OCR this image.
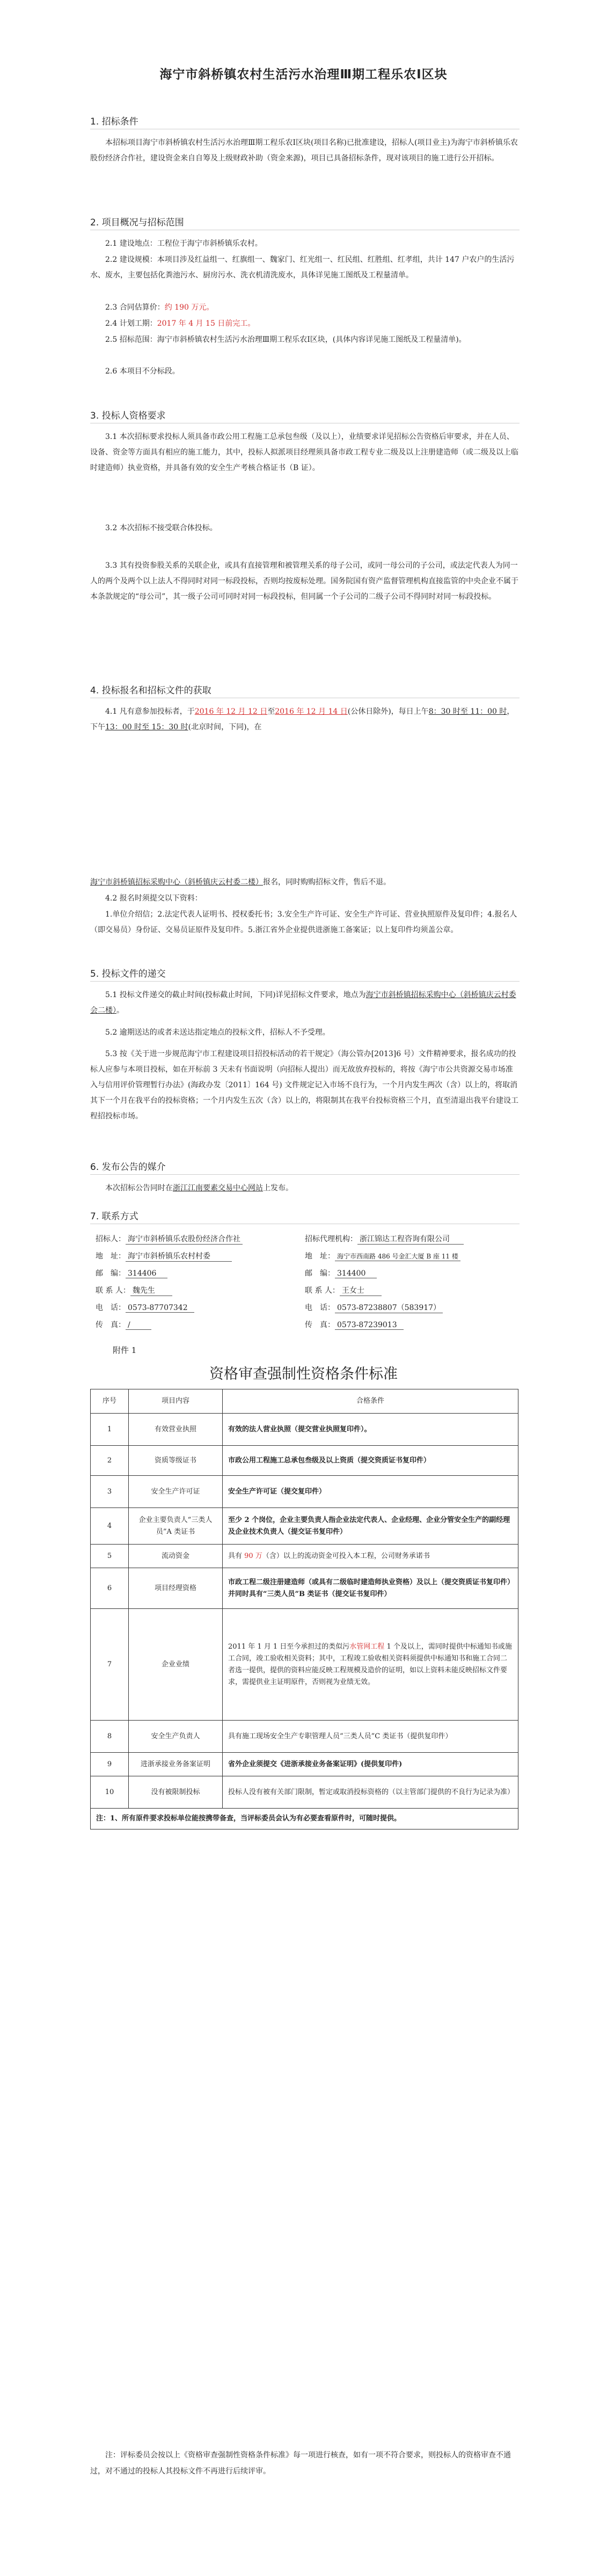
海宁市斜桥镇农村生活污水治理Ⅲ期工程乐农Ⅰ区块
1. 招标条件
本招标项目海宁市斜桥镇农村生活污水治理Ⅲ期工程乐农Ⅰ区块(项目名称)已批准建设，招标人(项目业主)为海宁市斜桥镇乐农股份经济合作社，建设资金来自自筹及上级财政补助（资金来源)，项目已具备招标条件，现对该项目的施工进行公开招标。
2. 项目概况与招标范围
2.1 建设地点：工程位于海宁市斜桥镇乐农村。
2.2 建设规模：本项目涉及红益组一、红旗组一、魏家门、红光组一、红民组、红胜组、红孝组，共计 147 户农户的生活污水、废水，主要包括化粪池污水、厨房污水、洗衣机清洗废水，具体详见施工图纸及工程量清单。
2.3 合同估算价：约 190 万元。
2.4 计划工期：2017 年 4 月 15 日前完工。
2.5 招标范围：海宁市斜桥镇农村生活污水治理Ⅲ期工程乐农Ⅰ区块，(具体内容详见施工图纸及工程量清单)。
2.6 本项目不分标段。
3. 投标人资格要求
3.1 本次招标要求投标人须具备市政公用工程施工总承包叁级（及以上），业绩要求详见招标公告资格后审要求，并在人员、设备、资金等方面具有相应的施工能力，其中，投标人拟派项目经理须具备市政工程专业二级及以上注册建造师（或二级及以上临时建造师）执业资格，并具备有效的安全生产考核合格证书（B 证）。
3.2 本次招标不接受联合体投标。
3.3 其有投资参股关系的关联企业，或具有直接管理和被管理关系的母子公司，或同一母公司的子公司，或法定代表人为同一人的两个及两个以上法人不得同时对同一标段投标，否则均按废标处理。国务院国有资产监督管理机构直接监管的中央企业不属于本条款规定的“母公司”，其一级子公司可同时对同一标段投标，但同属一个子公司的二级子公司不得同时对同一标段投标。
4. 投标报名和招标文件的获取
4.1 凡有意参加投标者，于2016 年 12 月 12 日至2016 年 12 月 14 日(公休日除外)，每日上午8：30 时至 11：00 时，下午13：00 时至 15：30 时(北京时间，下同)，在
海宁市斜桥镇招标采购中心（斜桥镇庆云村委二楼）报名，同时购购招标文件，售后不退。
4.2 报名时须提交以下资料：
1.单位介绍信；2.法定代表人证明书、授权委托书；3.安全生产许可证、安全生产许可证、营业执照原件及复印件；4.报名人（即交易员）身份证、交易员证原件及复印件。5.浙江省外企业提供进浙施工备案证；以上复印件均须盖公章。
5. 投标文件的递交
5.1 投标文件递交的截止时间(投标截止时间，下同)详见招标文件要求，地点为海宁市斜桥镇招标采购中心（斜桥镇庆云村委会二楼）。
5.2 逾期送达的或者未送达指定地点的投标文件，招标人不予受理。
5.3 按《关于进一步规范海宁市工程建设项目招投标活动的若干规定》（海公管办[2013]6 号）文件精神要求，报名成功的投标人应参与本项目投标，如在开标前 3 天未有书面说明（向招标人提出）而无故放弃投标的，将按《海宁市公共资源交易市场准入与信用评价管理暂行办法》(海政办发〔2011〕164 号) 文件规定记入市场不良行为，一个月内发生两次（含）以上的，将取消其下一个月在我平台的投标资格；一个月内发生五次（含）以上的，将限制其在我平台投标资格三个月，直至清退出我平台建设工程招投标市场。
6. 发布公告的媒介
本次招标公告同时在浙江江南要素交易中心网站上发布。
7. 联系方式
招标人： 海宁市斜桥镇乐农股份经济合作社
地　址： 海宁市斜桥镇乐农村村委
邮　编： 314406
联 系 人： 魏先生
电　话： 0573-87707342
传　真： /
招标代理机构： 浙江锦达工程咨询有限公司
地　址： 海宁市西南路 486 号金汇大厦 B 座 11 楼
邮　编： 314400
联 系 人： 王女士
电　话： 0573-87238807（583917）
传　真： 0573-87239013
附件 1
资格审查强制性资格条件标准
序号	项目内容	合格条件
1	有效营业执照	有效的法人营业执照（提交营业执照复印件）。
2	资质等级证书	市政公用工程施工总承包叁级及以上资质（提交资质证书复印件）
3	安全生产许可证	安全生产许可证（提交复印件）
4	企业主要负责人“三类人员”A 类证书	至少 2 个岗位，企业主要负责人指企业法定代表人、企业经理、企业分管安全生产的副经理及企业技术负责人（提交证书复印件）
5	流动资金	具有 90 万（含）以上的流动资金可投入本工程，公司财务承诺书
6	项目经理资格	市政工程二级注册建造师（或具有二级临时建造师执业资格）及以上（提交资质证书复印件）并同时具有“三类人员”B 类证书（提交证书复印件）
7	企业业绩	2011 年 1 月 1 日至今承担过的类似污水管网工程 1 个及以上，需同时提供中标通知书或施工合同，竣工验收相关资料；其中，工程竣工验收相关资料须提供中标通知书和施工合同二者选一提供，提供的资料应能反映工程规模及造价的证明，如以上资料未能反映招标文件要求，需提供业主证明原件，否则视为业绩无效。
8	安全生产负责人	具有施工现场安全生产专职管理人员“三类人员”C 类证书（提供复印件）
9	进浙承接业务备案证明	省外企业须提交《进浙承接业务备案证明》(提供复印件)
10	没有被限制投标	投标人没有被有关部门限制，暂定或取消投标资格的（以主管部门提供的不良行为记录为准）
注：1、所有原件要求投标单位能按携带备查，当评标委员会认为有必要查看原件时，可随时提供。		
注：评标委员会按以上《资格审查强制性资格条件标准》每一项进行核查，如有一项不符合要求，则投标人的资格审查不通过，对不通过的投标人其投标文件不再进行后续评审。
